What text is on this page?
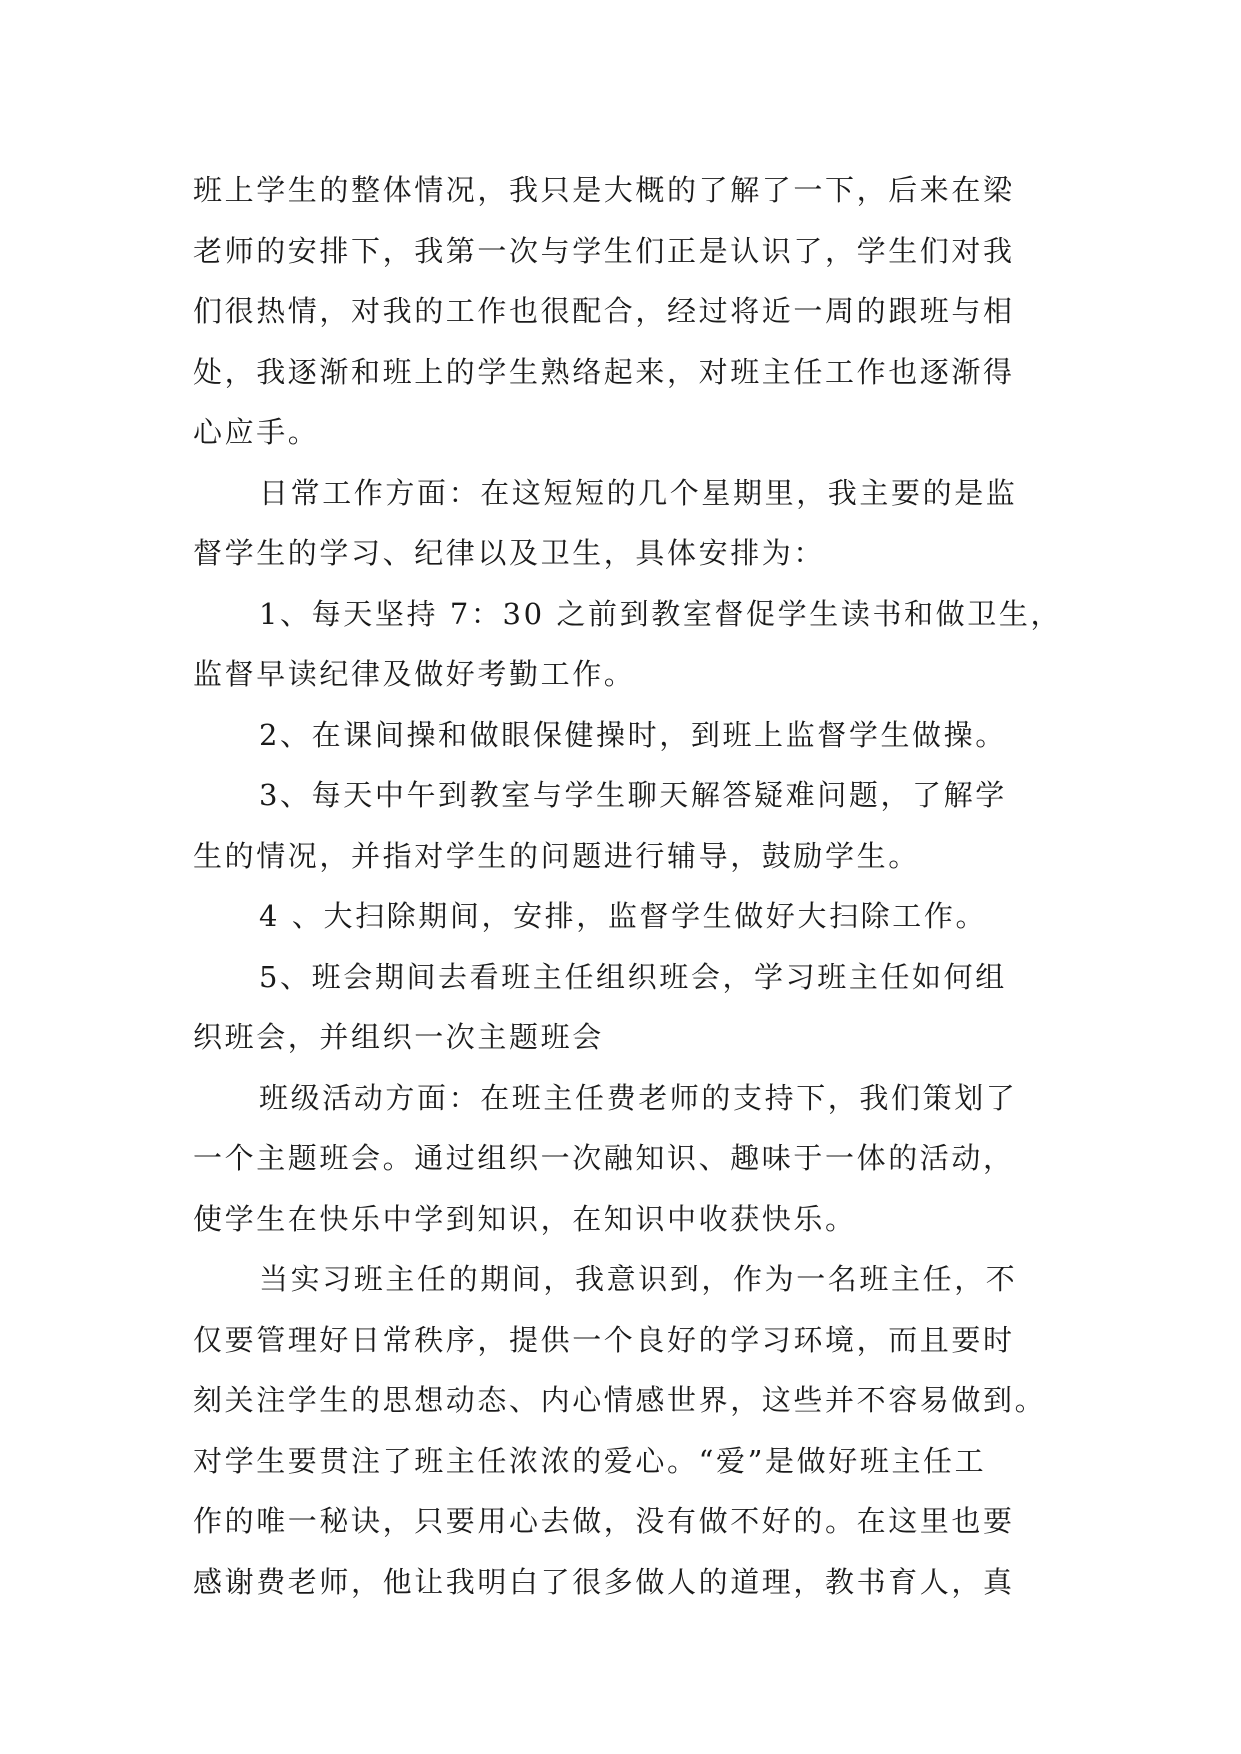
班上学生的整体情况，我只是大概的了解了一下，后来在梁
老师的安排下，我第一次与学生们正是认识了，学生们对我
们很热情，对我的工作也很配合，经过将近一周的跟班与相
处，我逐渐和班上的学生熟络起来，对班主任工作也逐渐得
心应手。
日常工作方面：在这短短的几个星期里，我主要的是监
督学生的学习、纪律以及卫生，具体安排为：
1、每天坚持 7：30 之前到教室督促学生读书和做卫生，
监督早读纪律及做好考勤工作。
2、在课间操和做眼保健操时，到班上监督学生做操。
3、每天中午到教室与学生聊天解答疑难问题，了解学
生的情况，并指对学生的问题进行辅导，鼓励学生。
4 、大扫除期间，安排，监督学生做好大扫除工作。
5、班会期间去看班主任组织班会，学习班主任如何组
织班会，并组织一次主题班会
班级活动方面：在班主任费老师的支持下，我们策划了
一个主题班会。通过组织一次融知识、趣味于一体的活动，
使学生在快乐中学到知识，在知识中收获快乐。
当实习班主任的期间，我意识到，作为一名班主任，不
仅要管理好日常秩序，提供一个良好的学习环境，而且要时
刻关注学生的思想动态、内心情感世界，这些并不容易做到。
对学生要贯注了班主任浓浓的爱心。“爱”是做好班主任工
作的唯一秘诀，只要用心去做，没有做不好的。在这里也要
感谢费老师，他让我明白了很多做人的道理，教书育人，真
